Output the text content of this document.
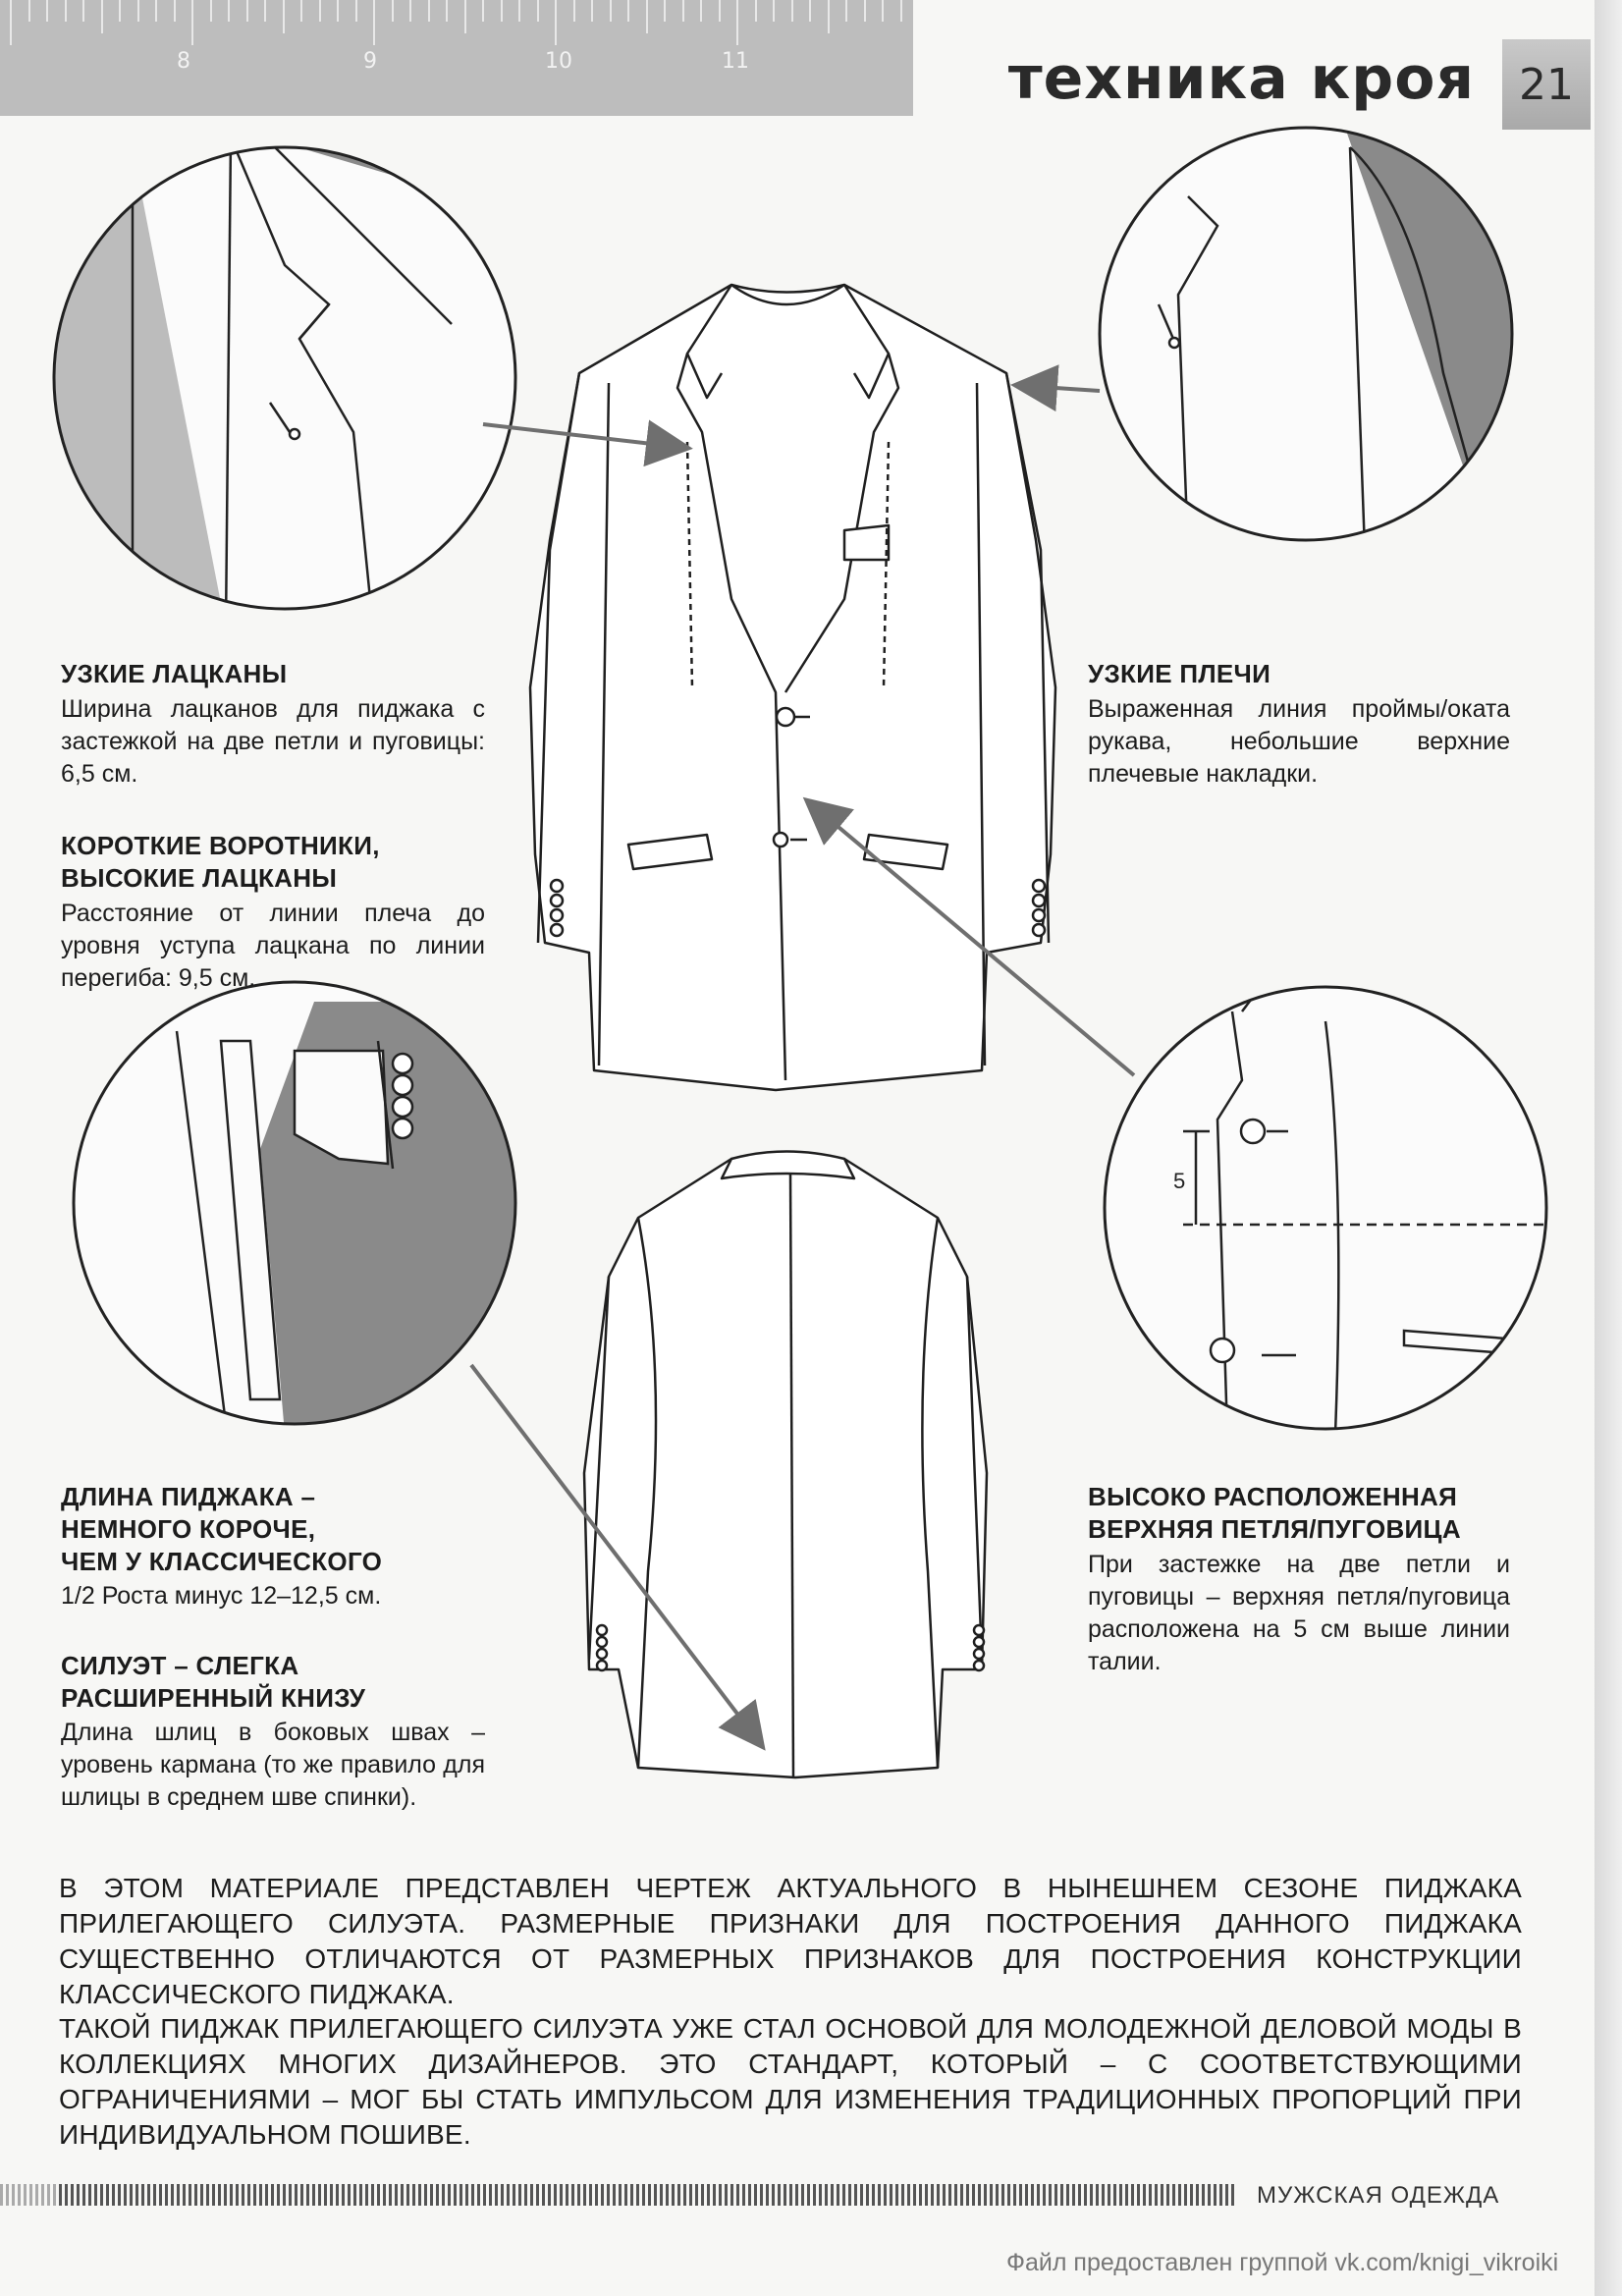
8	9	10	11	техника кроя	21
5
УЗКИЕ ЛАЦКАНЫ
Ширина лацканов для пиджака с застежкой на две петли и пуговицы: 6,5 см.
КОРОТКИЕ ВОРОТНИКИ,
ВЫСОКИЕ ЛАЦКАНЫ
Расстояние от линии плеча до уровня уступа лацкана по линии перегиба: 9,5 см.
ДЛИНА ПИДЖАКА –
НЕМНОГО КОРОЧЕ,
ЧЕМ У КЛАССИЧЕСКОГО
1/2 Роста минус 12–12,5 см.
СИЛУЭТ – СЛЕГКА
РАСШИРЕННЫЙ КНИЗУ
Длина шлиц в боковых швах – уровень кармана (то же правило для шлицы в среднем шве спинки).
УЗКИЕ ПЛЕЧИ
Выраженная линия проймы/оката рукава, небольшие верхние плечевые накладки.
ВЫСОКО РАСПОЛОЖЕННАЯ
ВЕРХНЯЯ ПЕТЛЯ/ПУГОВИЦА
При застежке на две петли и пуговицы – верхняя петля/пуговица расположена на 5 см выше линии талии.

В ЭТОМ МАТЕРИАЛЕ ПРЕДСТАВЛЕН ЧЕРТЕЖ АКТУАЛЬНОГО В НЫНЕШНЕМ СЕЗОНЕ ПИДЖАКА ПРИЛЕГАЮЩЕГО СИЛУЭТА. РАЗМЕРНЫЕ ПРИЗНАКИ ДЛЯ ПОСТРОЕНИЯ ДАННОГО ПИДЖАКА СУЩЕСТВЕННО ОТЛИЧАЮТСЯ ОТ РАЗМЕРНЫХ ПРИЗНАКОВ ДЛЯ ПОСТРОЕНИЯ КОНСТРУКЦИИ КЛАССИЧЕСКОГО ПИДЖАКА.

ТАКОЙ ПИДЖАК ПРИЛЕГАЮЩЕГО СИЛУЭТА УЖЕ СТАЛ ОСНОВОЙ ДЛЯ МОЛОДЕЖНОЙ ДЕЛОВОЙ МОДЫ В КОЛЛЕКЦИЯХ МНОГИХ ДИЗАЙНЕРОВ. ЭТО СТАНДАРТ, КОТОРЫЙ – С СООТВЕТСТВУЮЩИМИ ОГРАНИЧЕНИЯМИ – МОГ БЫ СТАТЬ ИМПУЛЬСОМ ДЛЯ ИЗМЕНЕНИЯ ТРАДИЦИОННЫХ ПРОПОРЦИЙ ПРИ ИНДИВИДУАЛЬНОМ ПОШИВЕ.

МУЖСКАЯ ОДЕЖДА
Файл предоставлен группой vk.com/knigi_vikroiki
